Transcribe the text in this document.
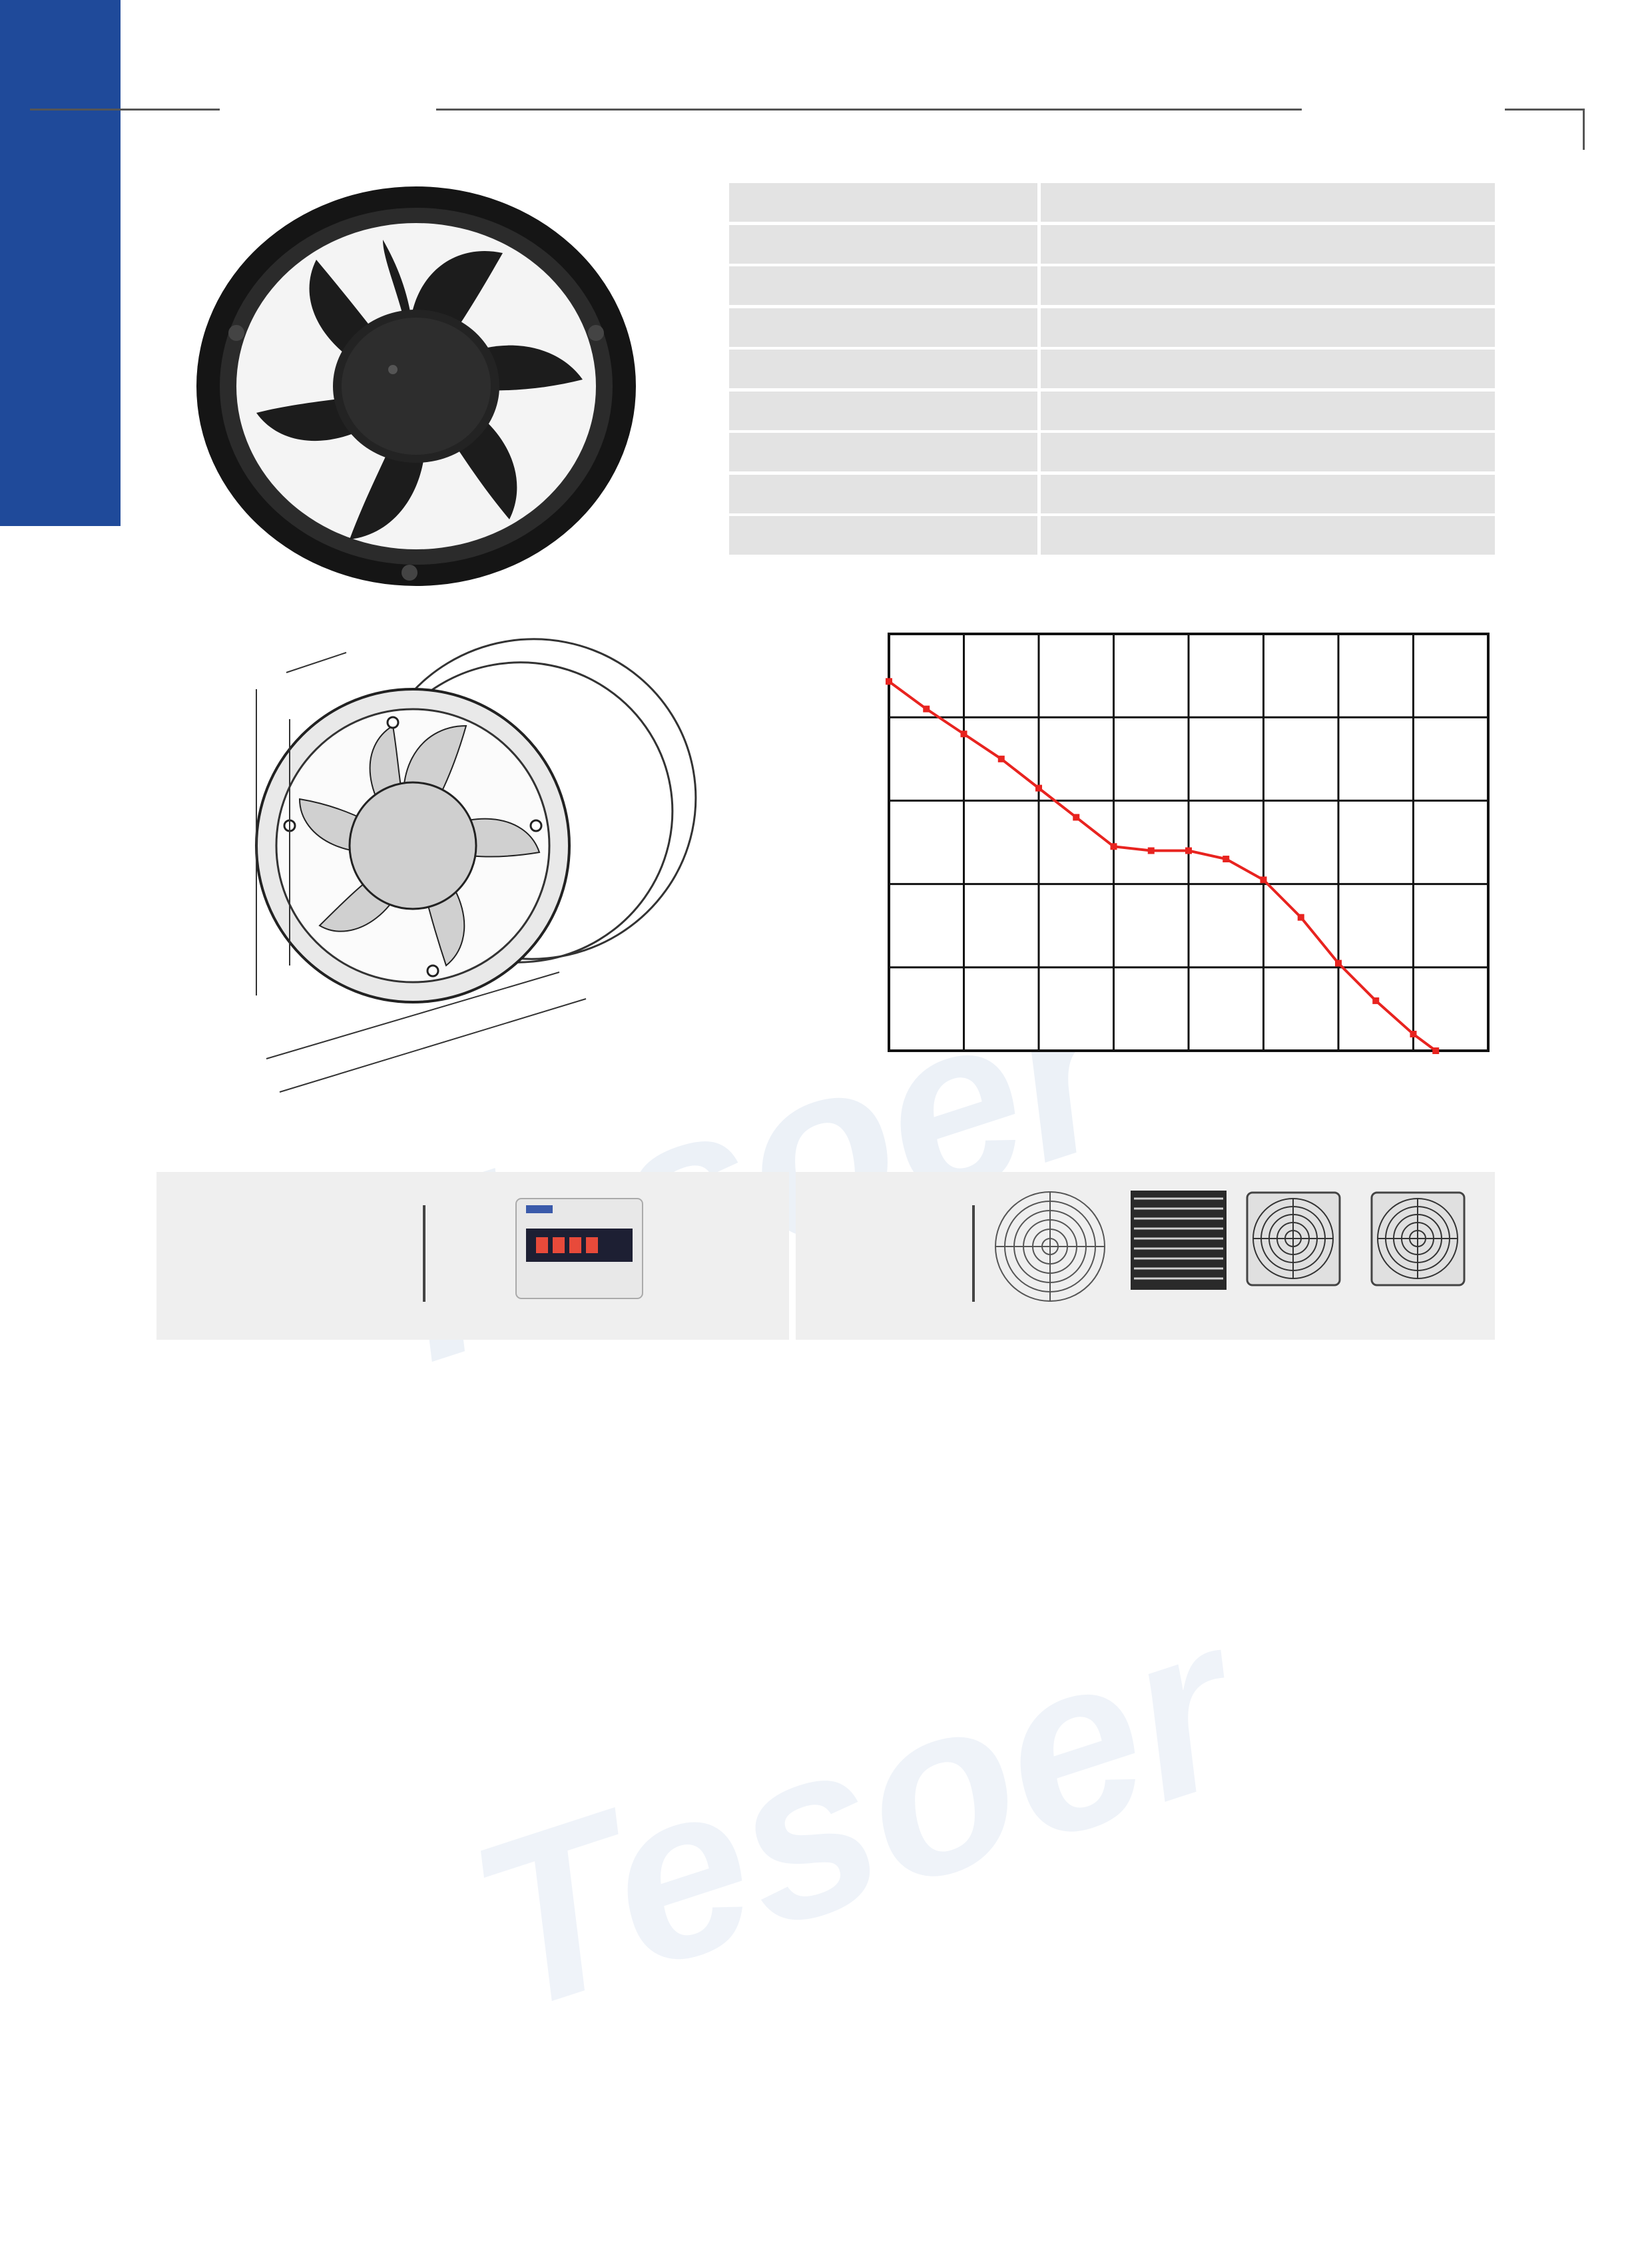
Tesoer
